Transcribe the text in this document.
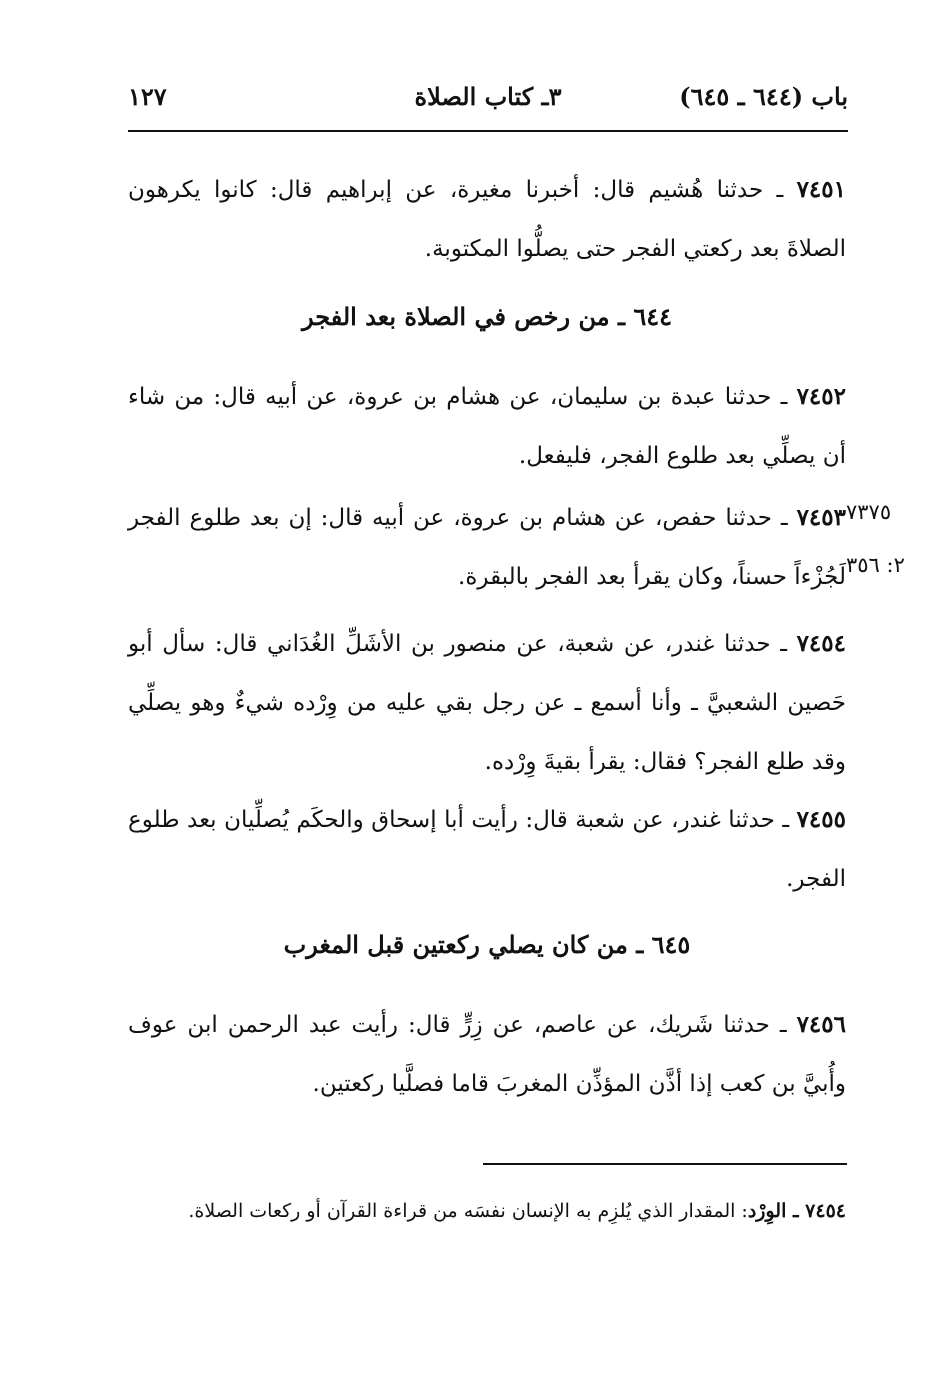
باب (٦٤٤ ـ ٦٤٥)
٣ـ كتاب الصلاة
١٢٧
٧٤٥١ ـ حدثنا هُشيم قال: أخبرنا مغيرة، عن إبراهيم قال: كانوا يكرهون الصلاةَ بعد ركعتي الفجر حتى يصلُّوا المكتوبة.
٦٤٤ ـ من رخص في الصلاة بعد الفجر
٧٤٥٢ ـ حدثنا عبدة بن سليمان، عن هشام بن عروة، عن أبيه قال: من شاء أن يصلِّي بعد طلوع الفجر، فليفعل.
٧٤٥٣ ـ حدثنا حفص، عن هشام بن عروة، عن أبيه قال: إن بعد طلوع الفجر لَجُزْءاً حسناً، وكان يقرأ بعد الفجر بالبقرة.
٧٣٧٥
٢: ٣٥٦
٧٤٥٤ ـ حدثنا غندر، عن شعبة، عن منصور بن الأشَلِّ الغُدَاني قال: سأل أبو حَصين الشعبيَّ ـ وأنا أسمع ـ عن رجل بقي عليه من وِرْده شيءٌ وهو يصلِّي وقد طلع الفجر؟ فقال: يقرأ بقيةَ وِرْده.
٧٤٥٥ ـ حدثنا غندر، عن شعبة قال: رأيت أبا إسحاق والحكَم يُصلِّيان بعد طلوع الفجر.
٦٤٥ ـ من كان يصلي ركعتين قبل المغرب
٧٤٥٦ ـ حدثنا شَريك، عن عاصم، عن زِرٍّ قال: رأيت عبد الرحمن ابن عوف وأُبيَّ بن كعب إذا أذَّن المؤذِّن المغربَ قاما فصلَّيا ركعتين.
٧٤٥٤ ـ الوِرْد: المقدار الذي يُلزِم به الإنسان نفسَه من قراءة القرآن أو ركعات الصلاة.
